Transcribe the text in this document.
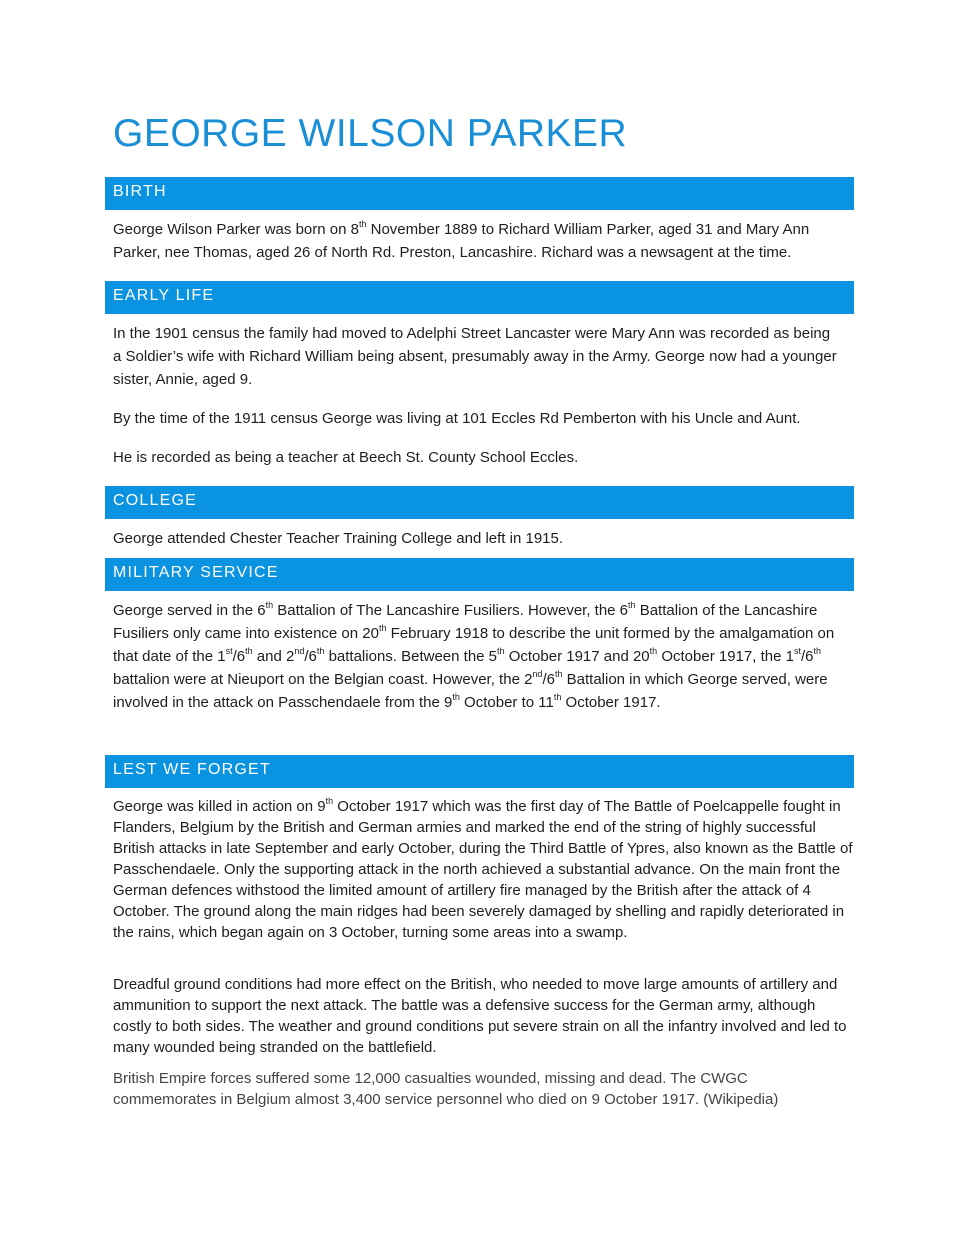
GEORGE WILSON PARKER
BIRTH

George Wilson Parker was born on 8th November 1889 to Richard William Parker, aged 31 and Mary Ann Parker, nee Thomas, aged 26 of North Rd. Preston, Lancashire. Richard was a newsagent at the time.

EARLY LIFE

In the 1901 census the family had moved to Adelphi Street Lancaster were Mary Ann was recorded as being a Soldier’s wife with Richard William being absent, presumably away in the Army. George now had a younger sister, Annie, aged 9.

By the time of the 1911 census George was living at 101 Eccles Rd Pemberton with his Uncle and Aunt.

He is recorded as being a teacher at Beech St. County School Eccles.

COLLEGE

George attended Chester Teacher Training College and left in 1915.

MILITARY SERVICE

George served in the 6th Battalion of The Lancashire Fusiliers. However, the 6th Battalion of the Lancashire Fusiliers only came into existence on 20th February 1918 to describe the unit formed by the amalgamation on that date of the 1st/6th and 2nd/6th battalions. Between the 5th October 1917 and 20th October 1917, the 1st/6th battalion were at Nieuport on the Belgian coast. However, the 2nd/6th Battalion in which George served, were involved in the attack on Passchendaele from the 9th October to 11th October 1917.

LEST WE FORGET

George was killed in action on 9th October 1917 which was the first day of The Battle of Poelcappelle fought in Flanders, Belgium by the British and German armies and marked the end of the string of highly successful British attacks in late September and early October, during the Third Battle of Ypres, also known as the Battle of Passchendaele. Only the supporting attack in the north achieved a substantial advance. On the main front the German defences withstood the limited amount of artillery fire managed by the British after the attack of 4 October. The ground along the main ridges had been severely damaged by shelling and rapidly deteriorated in the rains, which began again on 3 October, turning some areas into a swamp.

Dreadful ground conditions had more effect on the British, who needed to move large amounts of artillery and ammunition to support the next attack. The battle was a defensive success for the German army, although costly to both sides. The weather and ground conditions put severe strain on all the infantry involved and led to many wounded being stranded on the battlefield.

British Empire forces suffered some 12,000 casualties wounded, missing and dead. The CWGC commemorates in Belgium almost 3,400 service personnel who died on 9 October 1917. (Wikipedia)
